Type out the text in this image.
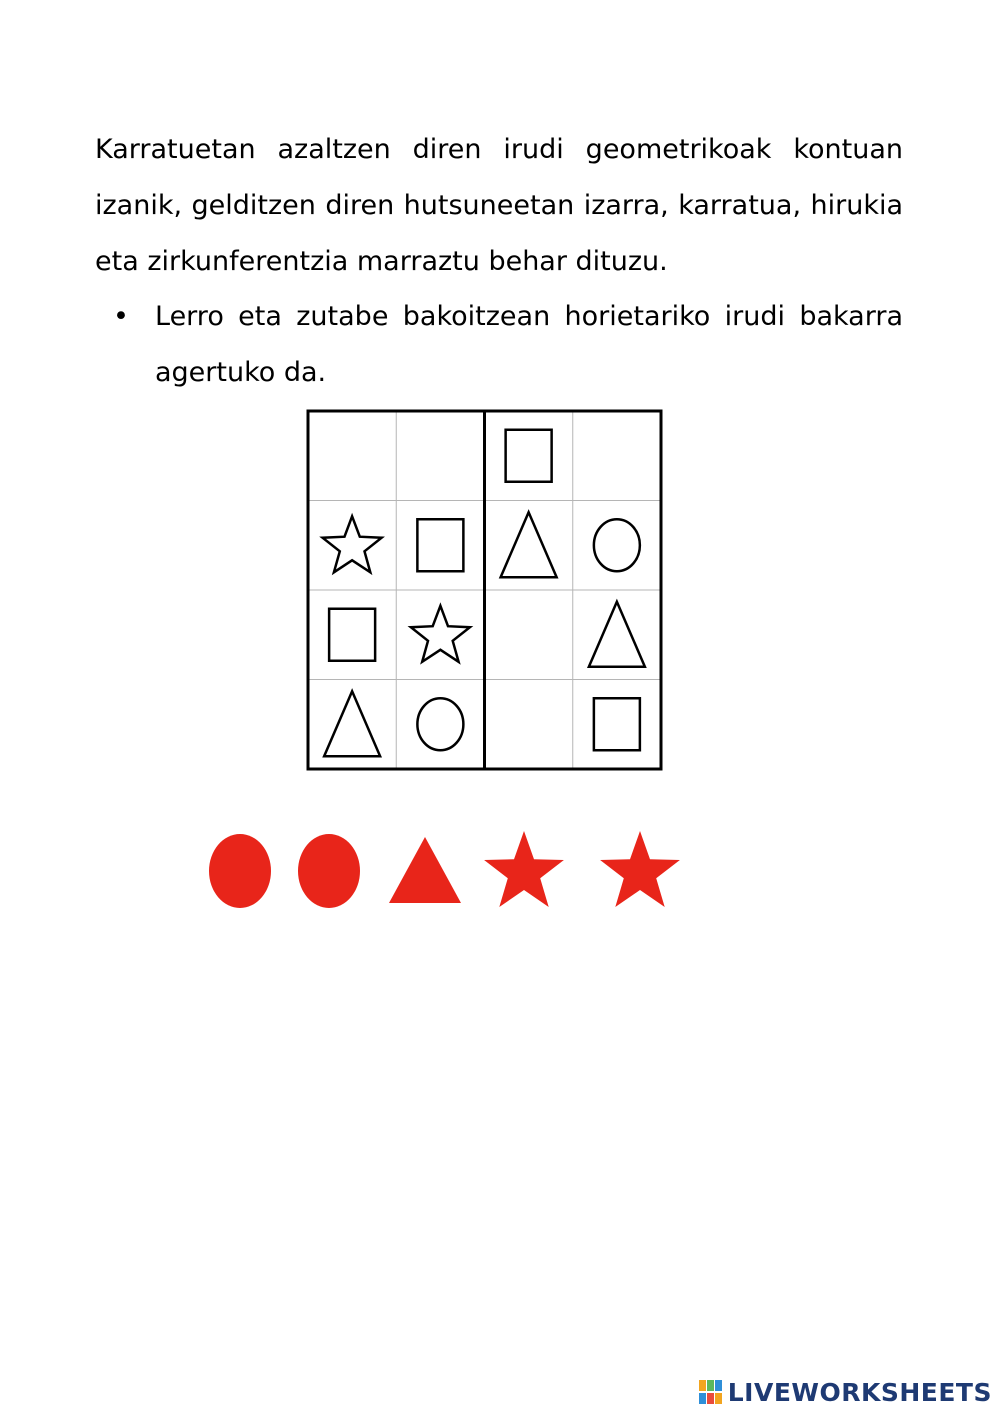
Karratuetan azaltzen diren irudi geometrikoak kontuan izanik, gelditzen diren hutsuneetan izarra, karratua, hirukia eta zirkunferentzia marraztu behar dituzu.
• Lerro eta zutabe bakoitzean horietariko irudi bakarra agertuko da.
LIVEWORKSHEETS
